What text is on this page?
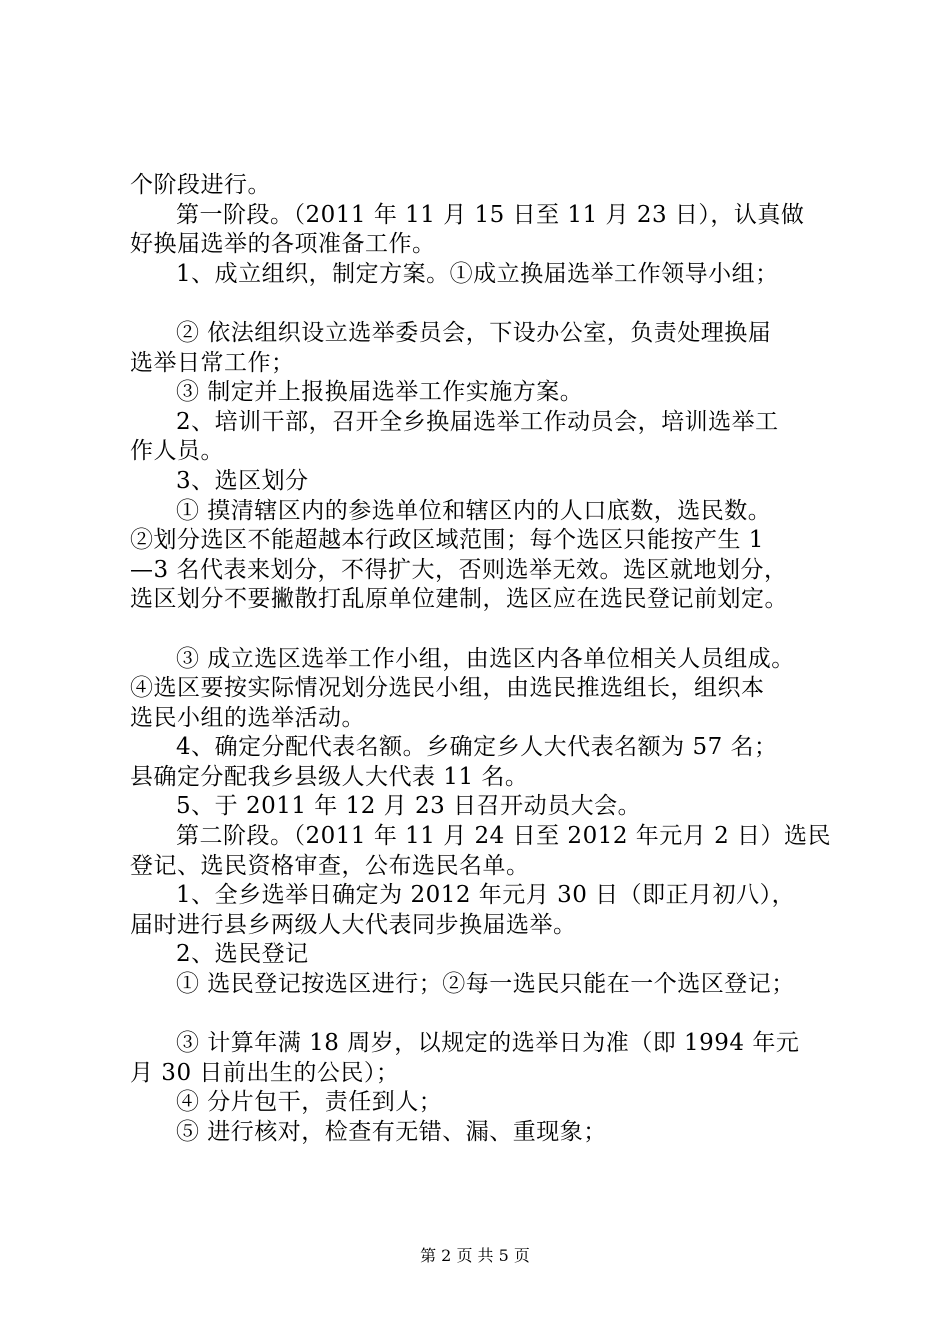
个阶段进行。
第一阶段。（2011 年 11 月 15 日至 11 月 23 日），认真做
好换届选举的各项准备工作。
1、成立组织，制定方案。①成立换届选举工作领导小组；
② 依法组织设立选举委员会，下设办公室，负责处理换届
选举日常工作；
③ 制定并上报换届选举工作实施方案。
2、培训干部，召开全乡换届选举工作动员会，培训选举工
作人员。
3、选区划分
① 摸清辖区内的参选单位和辖区内的人口底数，选民数。
②划分选区不能超越本行政区域范围；每个选区只能按产生 1
—3 名代表来划分，不得扩大，否则选举无效。选区就地划分，
选区划分不要撇散打乱原单位建制，选区应在选民登记前划定。
③ 成立选区选举工作小组，由选区内各单位相关人员组成。
④选区要按实际情况划分选民小组，由选民推选组长，组织本
选民小组的选举活动。
4、确定分配代表名额。乡确定乡人大代表名额为 57 名；
县确定分配我乡县级人大代表 11 名。
5、于 2011 年 12 月 23 日召开动员大会。
第二阶段。（2011 年 11 月 24 日至 2012 年元月 2 日）选民
登记、选民资格审查，公布选民名单。
1、全乡选举日确定为 2012 年元月 30 日（即正月初八），
届时进行县乡两级人大代表同步换届选举。
2、选民登记
① 选民登记按选区进行；②每一选民只能在一个选区登记；
③ 计算年满 18 周岁，以规定的选举日为准（即 1994 年元
月 30 日前出生的公民）；
④ 分片包干，责任到人；
⑤ 进行核对，检查有无错、漏、重现象；
第 2 页 共 5 页
